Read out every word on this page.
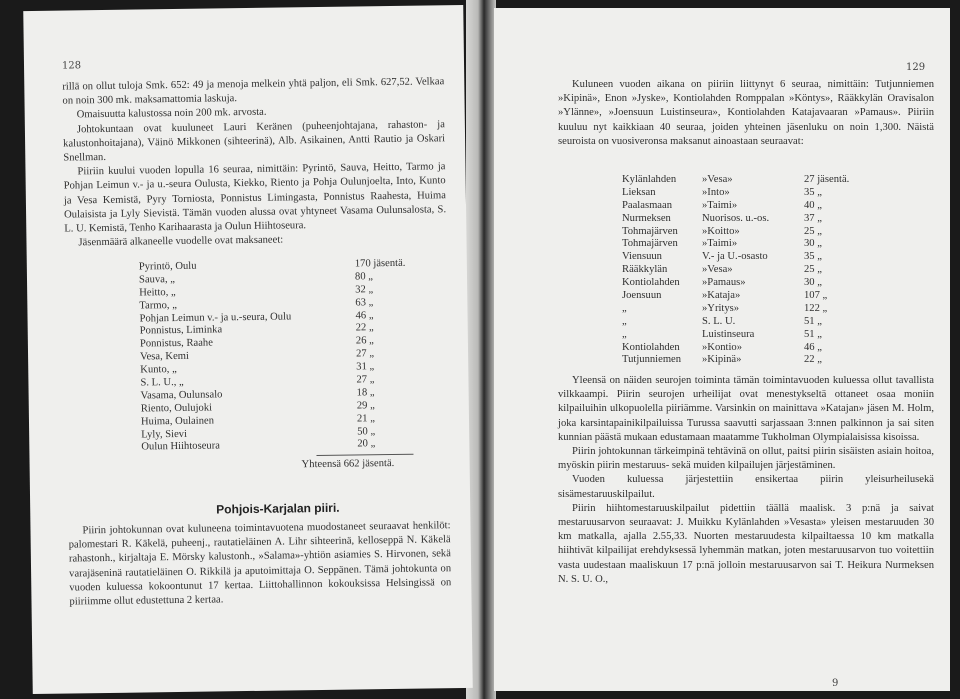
128

rillä on ollut tuloja Smk. 652: 49 ja menoja melkein yhtä paljon, eli Smk. 627,52. Velkaa on noin 300 mk. maksamattomia laskuja.

Omaisuutta kalustossa noin 200 mk. arvosta.

Johtokuntaan ovat kuuluneet Lauri Keränen (puheenjohtajana, rahaston- ja kalustonhoitajana), Väinö Mikkonen (sihteerinä), Alb. Asikainen, Antti Rautio ja Oskari Snellman.

Piiriin kuului vuoden lopulla 16 seuraa, nimittäin: Pyrintö, Sauva, Heitto, Tarmo ja Pohjan Leimun v.- ja u.-seura Oulusta, Kiekko, Riento ja Pohja Oulunjoelta, Into, Kunto ja Vesa Kemistä, Pyry Torniosta, Ponnistus Limingasta, Ponnistus Raahesta, Huima Oulaisista ja Lyly Sievistä. Tämän vuoden alussa ovat yhtyneet Vasama Oulunsalosta, S. L. U. Kemistä, Tenho Karihaarasta ja Oulun Hiihtoseura.

Jäsenmäärä alkaneelle vuodelle ovat maksaneet:

Pyrintö, Oulu	170 jäsentä.
Sauva, „	80 „
Heitto, „	32 „
Tarmo, „	63 „
Pohjan Leimun v.- ja u.-seura, Oulu	46 „
Ponnistus, Liminka	22 „
Ponnistus, Raahe	26 „
Vesa, Kemi	27 „
Kunto, „	31 „
S. L. U., „	27 „
Vasama, Oulunsalo	18 „
Riento, Oulujoki	29 „
Huima, Oulainen	21 „
Lyly, Sievi	50 „
Oulun Hiihtoseura	20 „
Yhteensä 662 jäsentä.
Pohjois-Karjalan piiri.

Piirin johtokunnan ovat kuluneena toimintavuotena muodostaneet seuraavat henkilöt: palomestari R. Käkelä, puheenj., rautatieläinen A. Lihr sihteerinä, kelloseppä N. Käkelä rahastonh., kirjaltaja E. Mörsky kalustonh., »Salama»-yhtiön asiamies S. Hirvonen, sekä varajäseninä rautatieläinen O. Rikkilä ja aputoimittaja O. Seppänen. Tämä johtokunta on vuoden kuluessa kokoontunut 17 kertaa. Liittohallinnon kokouksissa Helsingissä on piiriimme ollut edustettuna 2 kertaa.

129

Kuluneen vuoden aikana on piiriin liittynyt 6 seuraa, nimittäin: Tutjunniemen »Kipinä», Enon »Jyske», Kontiolahden Romppalan »Köntys», Rääkkylän Oravisalon »Ylänne», »Joensuun Luistinseura», Kontiolahden Katajavaaran »Pamaus». Piiriin kuuluu nyt kaikkiaan 40 seuraa, joiden yhteinen jäsenluku on noin 1,300. Näistä seuroista on vuosiveronsa maksanut ainoastaan seuraavat:

Kylänlahden »Vesa»	27 jäsentä.
Lieksan	»Into»	35 „
Paalasmaan	»Taimi»	40 „
Nurmeksen	Nuorisos. u.-os.	37 „
Tohmajärven »Koitto»	25 „
Tohmajärven »Taimi»	30 „
Viensuun	V.- ja U.-osasto	35 „
Rääkkylän	»Vesa»	25 „
Kontiolahden »Pamaus»	30 „
Joensuun	»Kataja»	107 „
„	»Yritys»	122 „
„	S. L. U.	51 „
„	Luistinseura	51 „
Kontiolahden »Kontio»	46 „
Tutjunniemen »Kipinä»	22 „

Yleensä on näiden seurojen toiminta tämän toimintavuoden kuluessa ollut tavallista vilkkaampi. Piirin seurojen urheilijat ovat menestykseltä ottaneet osaa moniin kilpailuihin ulkopuolella piiriämme. Varsinkin on mainittava »Katajan» jäsen M. Holm, joka karsintapainikilpailuissa Turussa saavutti sarjassaan 3:nnen palkinnon ja sai siten kunnian päästä mukaan edustamaan maatamme Tukholman Olympialaisissa kisoissa.

Piirin johtokunnan tärkeimpinä tehtävinä on ollut, paitsi piirin sisäisten asiain hoitoa, myöskin piirin mestaruus- sekä muiden kilpailujen järjestäminen.

Vuoden kuluessa järjestettiin ensikertaa piirin yleisurheilusekä sisämestaruuskilpailut.

Piirin hiihtomestaruuskilpailut pidettiin täällä maalisk. 3 p:nä ja saivat mestaruusarvon seuraavat: J. Muikku Kylänlahden »Vesasta» yleisen mestaruuden 30 km matkalla, ajalla 2.55,33. Nuorten mestaruudesta kilpailtaessa 10 km matkalla hiihtivät kilpailijat erehdyksessä lyhemmän matkan, joten mestaruusarvon tuo voitettiin vasta uudestaan maaliskuun 17 p:nä jolloin mestaruusarvon sai T. Heikura Nurmeksen N. S. U. O.,

9
